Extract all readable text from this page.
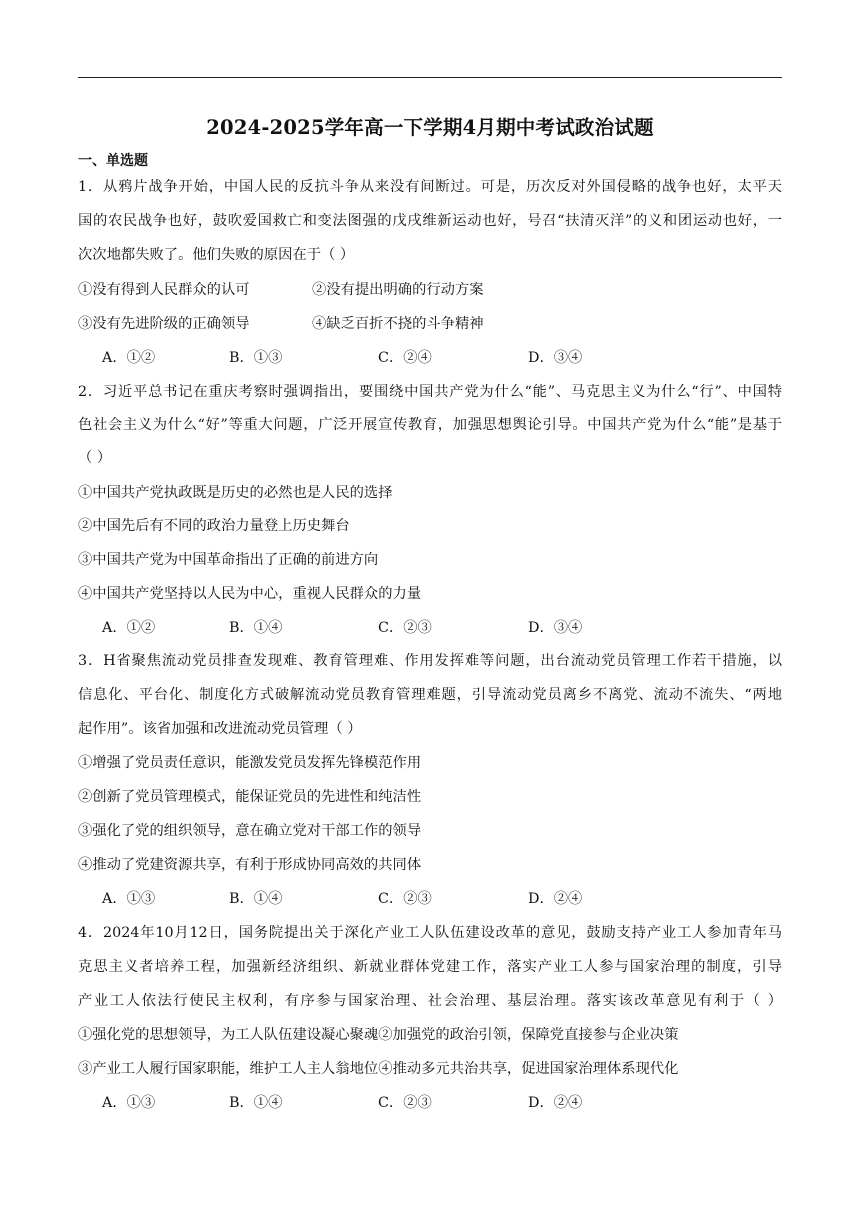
2024-2025学年高一下学期4月期中考试政治试题
一、单选题
1．从鸦片战争开始，中国人民的反抗斗争从来没有间断过。可是，历次反对外国侵略的战争也好，太平天
国的农民战争也好，鼓吹爱国救亡和变法图强的戊戌维新运动也好，号召“扶清灭洋”的义和团运动也好，一
次次地都失败了。他们失败的原因在于（ ）
①没有得到人民群众的认可	②没有提出明确的行动方案
③没有先进阶级的正确领导	④缺乏百折不挠的斗争精神
A．①②	B．①③	C．②④	D．③④
2．习近平总书记在重庆考察时强调指出，要围绕中国共产党为什么“能”、马克思主义为什么“行”、中国特
色社会主义为什么“好”等重大问题，广泛开展宣传教育，加强思想舆论引导。中国共产党为什么“能”是基于
（ ）
①中国共产党执政既是历史的必然也是人民的选择
②中国先后有不同的政治力量登上历史舞台
③中国共产党为中国革命指出了正确的前进方向
④中国共产党坚持以人民为中心，重视人民群众的力量
A．①②	B．①④	C．②③	D．③④
3．H省聚焦流动党员排查发现难、教育管理难、作用发挥难等问题，出台流动党员管理工作若干措施，以
信息化、平台化、制度化方式破解流动党员教育管理难题，引导流动党员离乡不离党、流动不流失、“两地
起作用”。该省加强和改进流动党员管理（ ）
①增强了党员责任意识，能激发党员发挥先锋模范作用
②创新了党员管理模式，能保证党员的先进性和纯洁性
③强化了党的组织领导，意在确立党对干部工作的领导
④推动了党建资源共享，有利于形成协同高效的共同体
A．①③	B．①④	C．②③	D．②④
4．2024年10月12日，国务院提出关于深化产业工人队伍建设改革的意见，鼓励支持产业工人参加青年马
克思主义者培养工程，加强新经济组织、新就业群体党建工作，落实产业工人参与国家治理的制度，引导
产业工人依法行使民主权利，有序参与国家治理、社会治理、基层治理。落实该改革意见有利于（ ）
①强化党的思想领导，为工人队伍建设凝心聚魂②加强党的政治引领，保障党直接参与企业决策
③产业工人履行国家职能，维护工人主人翁地位④推动多元共治共享，促进国家治理体系现代化
A．①③	B．①④	C．②③	D．②④
